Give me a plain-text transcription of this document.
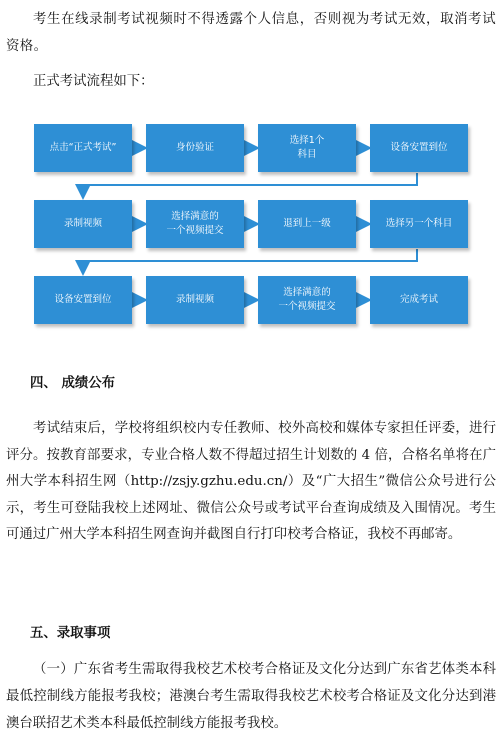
考生在线录制考试视频时不得透露个人信息，否则视为考试无效，取消考试资格。

正式考试流程如下：

点击“正式考试”	身份验证
选择1个
科目
设备安置到位
录制视频
选择满意的
一个视频提交
退到上一级	选择另一个科目
设备安置到位	录制视频
选择满意的
一个视频提交
完成考试
四、 成绩公布

考试结束后，学校将组织校内专任教师、校外高校和媒体专家担任评委，进行评分。按教育部要求，专业合格人数不得超过招生计划数的 4 倍，合格名单将在广州大学本科招生网（http://zsjy.gzhu.edu.cn/）及“广大招生”微信公众号进行公示，考生可登陆我校上述网址、微信公众号或考试平台查询成绩及入围情况。考生可通过广州大学本科招生网查询并截图自行打印校考合格证，我校不再邮寄。

五、录取事项

（一）广东省考生需取得我校艺术校考合格证及文化分达到广东省艺体类本科最低控制线方能报考我校；港澳台考生需取得我校艺术校考合格证及文化分达到港澳台联招艺术类本科最低控制线方能报考我校。
